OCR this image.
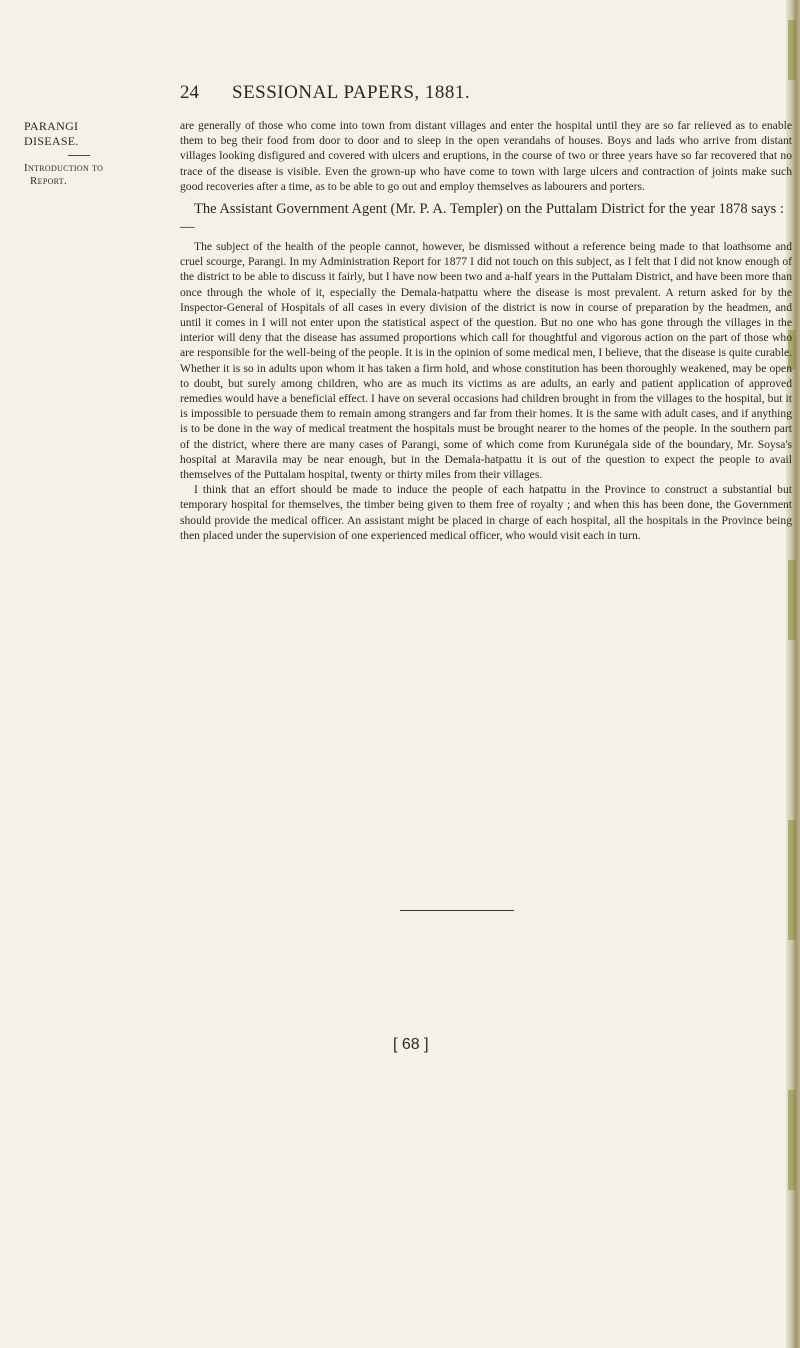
24 SESSIONAL PAPERS, 1881.

PARANGI

DISEASE.

Introduction to

Report.

are generally of those who come into town from distant villages and enter the hospital until they are so far relieved as to enable them to beg their food from door to door and to sleep in the open verandahs of houses. Boys and lads who arrive from distant villages looking disfigured and covered with ulcers and eruptions, in the course of two or three years have so far recovered that no trace of the disease is visible. Even the grown-up who have come to town with large ulcers and contraction of joints make such good recoveries after a time, as to be able to go out and employ themselves as labourers and porters.

The Assistant Government Agent (Mr. P. A. Templer) on the Puttalam District for the year 1878 says :—

The subject of the health of the people cannot, however, be dismissed without a reference being made to that loathsome and cruel scourge, Parangi. In my Administration Report for 1877 I did not touch on this subject, as I felt that I did not know enough of the district to be able to discuss it fairly, but I have now been two and a-half years in the Puttalam District, and have been more than once through the whole of it, especially the Demala-hatpattu where the disease is most prevalent. A return asked for by the Inspector-General of Hospitals of all cases in every division of the district is now in course of preparation by the headmen, and until it comes in I will not enter upon the statistical aspect of the question. But no one who has gone through the villages in the interior will deny that the disease has assumed proportions which call for thoughtful and vigorous action on the part of those who are responsible for the well-being of the people. It is in the opinion of some medical men, I believe, that the disease is quite curable. Whether it is so in adults upon whom it has taken a firm hold, and whose constitution has been thoroughly weakened, may be open to doubt, but surely among children, who are as much its victims as are adults, an early and patient application of approved remedies would have a beneficial effect. I have on several occasions had children brought in from the villages to the hospital, but it is impossible to persuade them to remain among strangers and far from their homes. It is the same with adult cases, and if anything is to be done in the way of medical treatment the hospitals must be brought nearer to the homes of the people. In the southern part of the district, where there are many cases of Parangi, some of which come from Kurunégala side of the boundary, Mr. Soysa's hospital at Maravila may be near enough, but in the Demala-hatpattu it is out of the question to expect the people to avail themselves of the Puttalam hospital, twenty or thirty miles from their villages.

I think that an effort should be made to induce the people of each hatpattu in the Province to construct a substantial but temporary hospital for themselves, the timber being given to them free of royalty ; and when this has been done, the Government should provide the medical officer. An assistant might be placed in charge of each hospital, all the hospitals in the Province being then placed under the supervision of one experienced medical officer, who would visit each in turn.

[ 68 ]
